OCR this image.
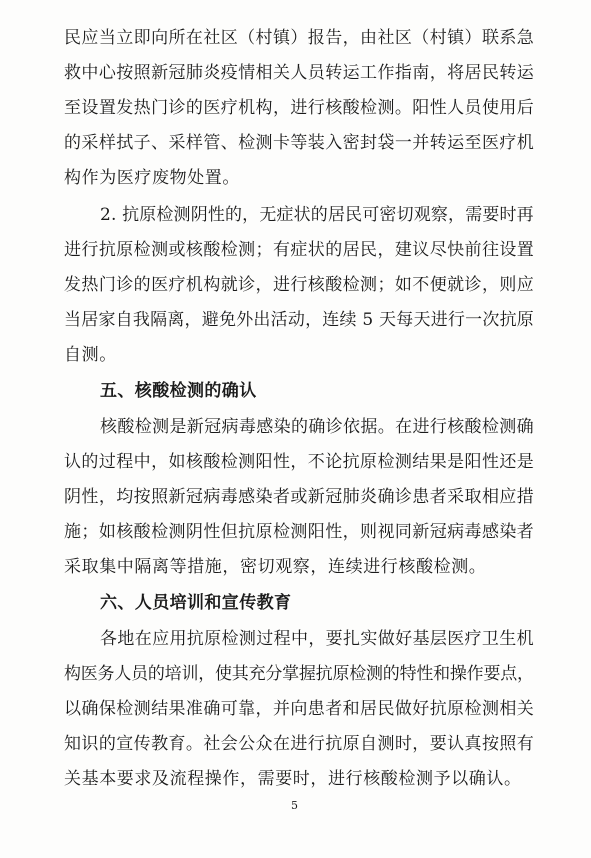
民应当立即向所在社区（村镇）报告，由社区（村镇）联系急
救中心按照新冠肺炎疫情相关人员转运工作指南，将居民转运
至设置发热门诊的医疗机构，进行核酸检测。阳性人员使用后
的采样拭子、采样管、检测卡等装入密封袋一并转运至医疗机
构作为医疗废物处置。
2. 抗原检测阴性的，无症状的居民可密切观察，需要时再
进行抗原检测或核酸检测；有症状的居民，建议尽快前往设置
发热门诊的医疗机构就诊，进行核酸检测；如不便就诊，则应
当居家自我隔离，避免外出活动，连续 5 天每天进行一次抗原
自测。
五、核酸检测的确认
核酸检测是新冠病毒感染的确诊依据。在进行核酸检测确
认的过程中，如核酸检测阳性，不论抗原检测结果是阳性还是
阴性，均按照新冠病毒感染者或新冠肺炎确诊患者采取相应措
施；如核酸检测阴性但抗原检测阳性，则视同新冠病毒感染者
采取集中隔离等措施，密切观察，连续进行核酸检测。
六、人员培训和宣传教育
各地在应用抗原检测过程中，要扎实做好基层医疗卫生机
构医务人员的培训，使其充分掌握抗原检测的特性和操作要点，
以确保检测结果准确可靠，并向患者和居民做好抗原检测相关
知识的宣传教育。社会公众在进行抗原自测时，要认真按照有
关基本要求及流程操作，需要时，进行核酸检测予以确认。
5
